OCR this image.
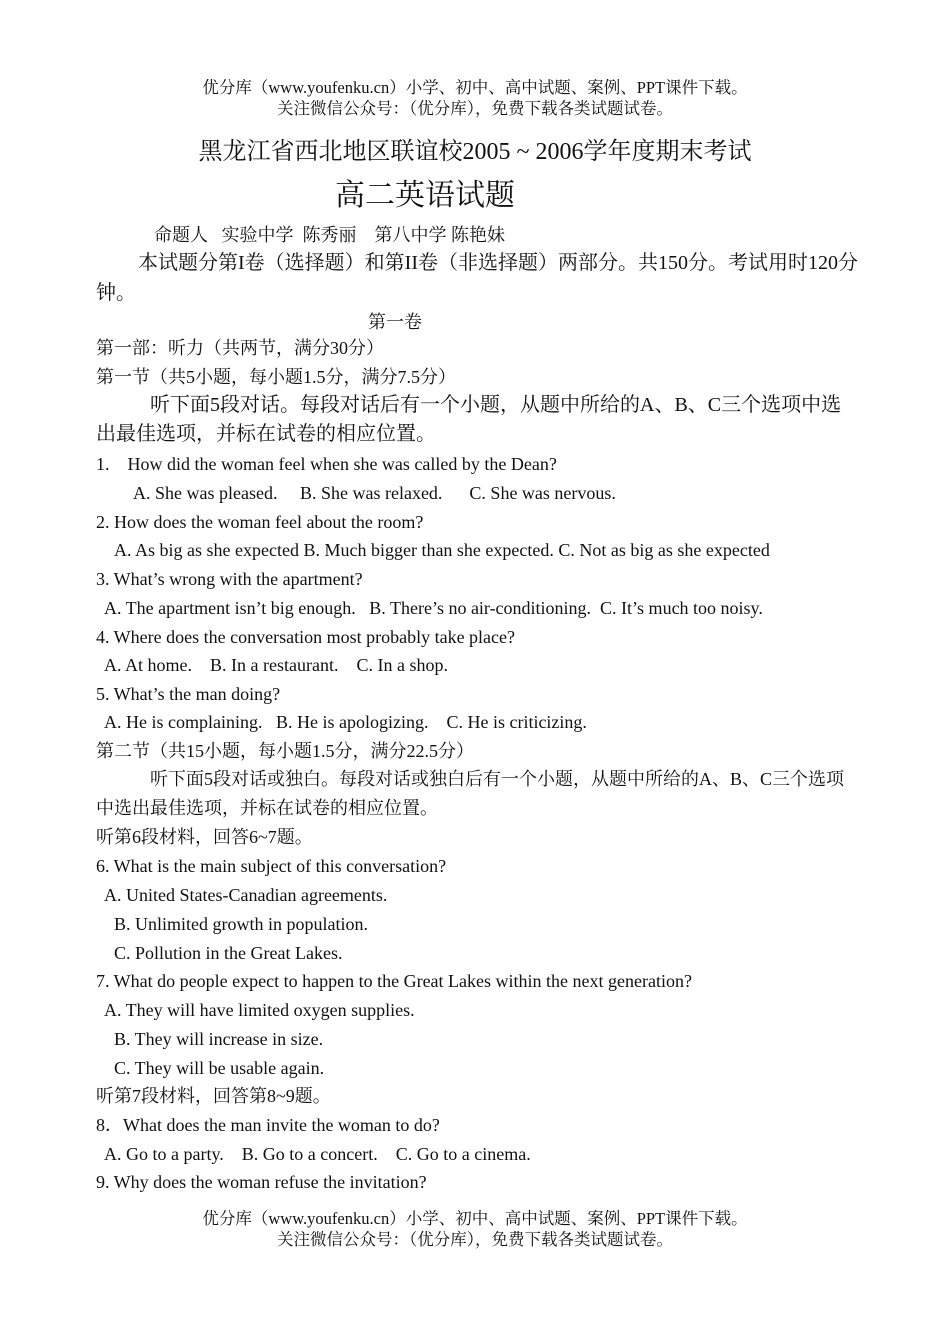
优分库（www.youfenku.cn）小学、初中、高中试题、案例、PPT课件下载。
关注微信公众号：（优分库），免费下载各类试题试卷。
黑龙江省西北地区联谊校2005 ~ 2006学年度期末考试
高二英语试题
命题人   实验中学  陈秀丽    第八中学 陈艳妹
本试题分第I卷（选择题）和第II卷（非选择题）两部分。共150分。考试用时120分钟。
第一卷
第一部：听力（共两节，满分30分）
第一节（共5小题，每小题1.5分，满分7.5分）
听下面5段对话。每段对话后有一个小题，从题中所给的A、B、C三个选项中选出最佳选项，并标在试卷的相应位置。
1.    How did the woman feel when she was called by the Dean?
A. She was pleased.     B. She was relaxed.      C. She was nervous.
2. How does the woman feel about the room?
A. As big as she expected B. Much bigger than she expected. C. Not as big as she expected
3. What’s wrong with the apartment?
A. The apartment isn’t big enough.   B. There’s no air-conditioning.  C. It’s much too noisy.
4. Where does the conversation most probably take place?
A. At home.    B. In a restaurant.    C. In a shop.
5. What’s the man doing?
A. He is complaining.   B. He is apologizing.    C. He is criticizing.
第二节（共15小题，每小题1.5分，满分22.5分）
听下面5段对话或独白。每段对话或独白后有一个小题，从题中所给的A、B、C三个选项中选出最佳选项，并标在试卷的相应位置。
听第6段材料，回答6~7题。
6. What is the main subject of this conversation?
A. United States-Canadian agreements.
B. Unlimited growth in population.
C. Pollution in the Great Lakes.
7. What do people expect to happen to the Great Lakes within the next generation?
A. They will have limited oxygen supplies.
B. They will increase in size.
C. They will be usable again.
听第7段材料，回答第8~9题。
8．What does the man invite the woman to do?
A. Go to a party.    B. Go to a concert.    C. Go to a cinema.
9. Why does the woman refuse the invitation?
优分库（www.youfenku.cn）小学、初中、高中试题、案例、PPT课件下载。
关注微信公众号：（优分库），免费下载各类试题试卷。
